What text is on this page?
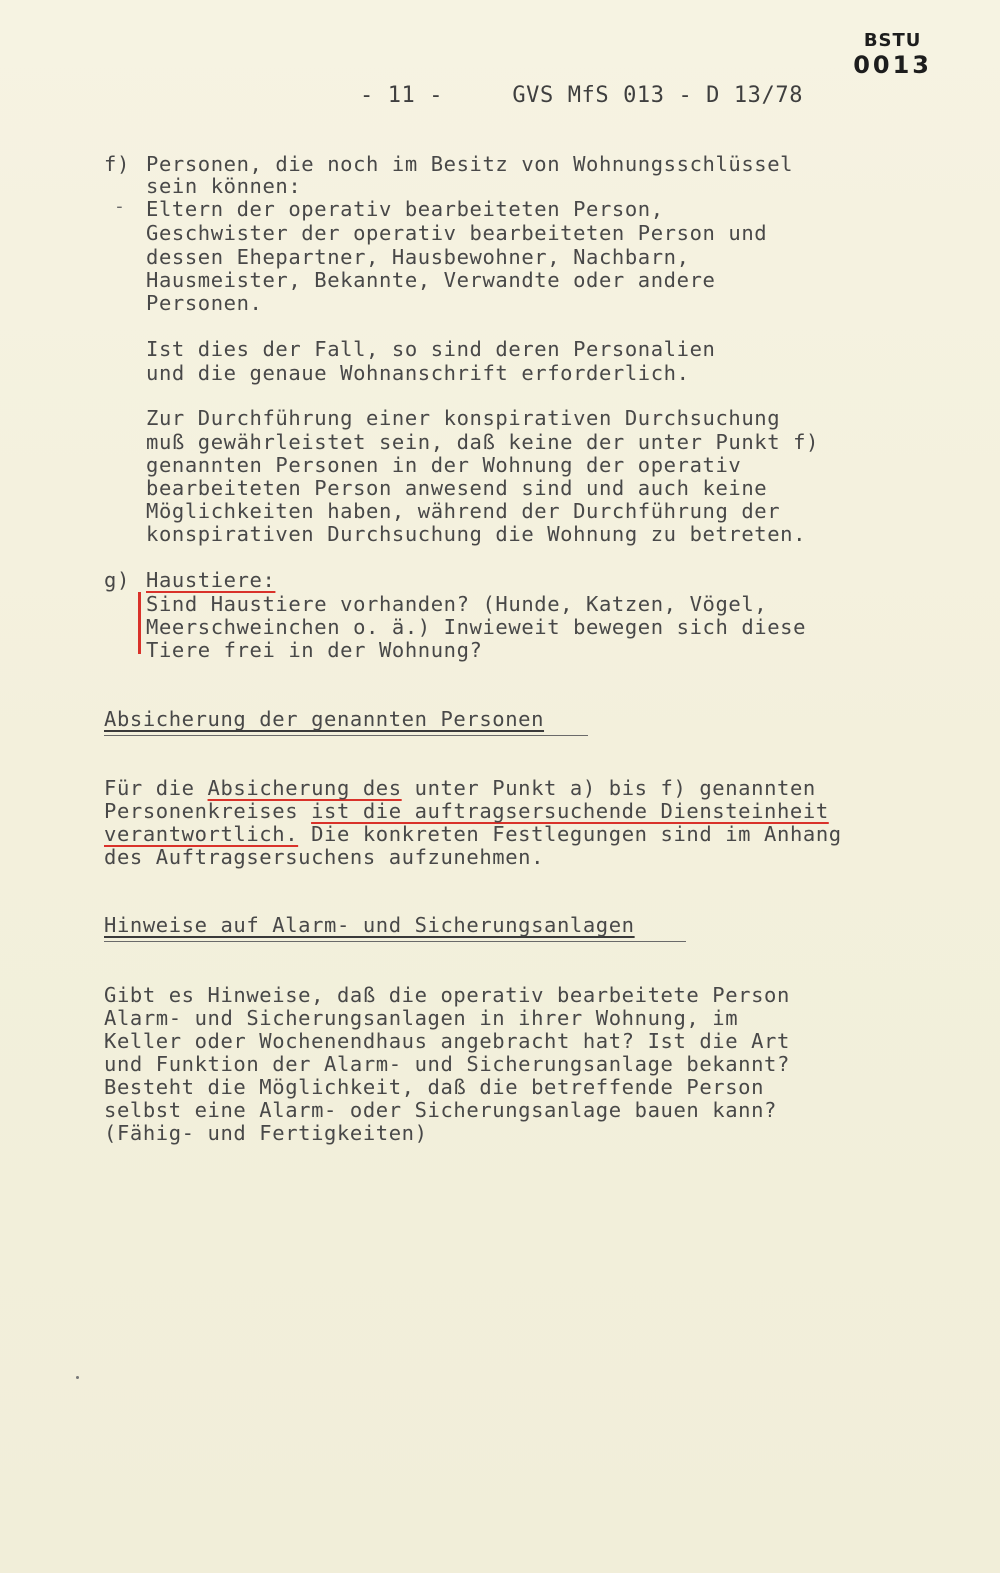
BSTU
0013
- 11 -	GVS MfS 013 - D 13/78
f) Personen, die noch im Besitz von Wohnungsschlüssel
sein können:
- Eltern der operativ bearbeiteten Person,
Geschwister der operativ bearbeiteten Person und
dessen Ehepartner, Hausbewohner, Nachbarn,
Hausmeister, Bekannte, Verwandte oder andere
Personen.
Ist dies der Fall, so sind deren Personalien
und die genaue Wohnanschrift erforderlich.
Zur Durchführung einer konspirativen Durchsuchung
muß gewährleistet sein, daß keine der unter Punkt f)
genannten Personen in der Wohnung der operativ
bearbeiteten Person anwesend sind und auch keine
Möglichkeiten haben, während der Durchführung der
konspirativen Durchsuchung die Wohnung zu betreten.
g) Haustiere:
Sind Haustiere vorhanden? (Hunde, Katzen, Vögel,
Meerschweinchen o. ä.) Inwieweit bewegen sich diese
Tiere frei in der Wohnung?
Absicherung der genannten Personen
Für die Absicherung des unter Punkt a) bis f) genannten
Personenkreises ist die auftragsersuchende Diensteinheit
verantwortlich. Die konkreten Festlegungen sind im Anhang
des Auftragsersuchens aufzunehmen.
Hinweise auf Alarm- und Sicherungsanlagen
Gibt es Hinweise, daß die operativ bearbeitete Person
Alarm- und Sicherungsanlagen in ihrer Wohnung, im
Keller oder Wochenendhaus angebracht hat? Ist die Art
und Funktion der Alarm- und Sicherungsanlage bekannt?
Besteht die Möglichkeit, daß die betreffende Person
selbst eine Alarm- oder Sicherungsanlage bauen kann?
(Fähig- und Fertigkeiten)
